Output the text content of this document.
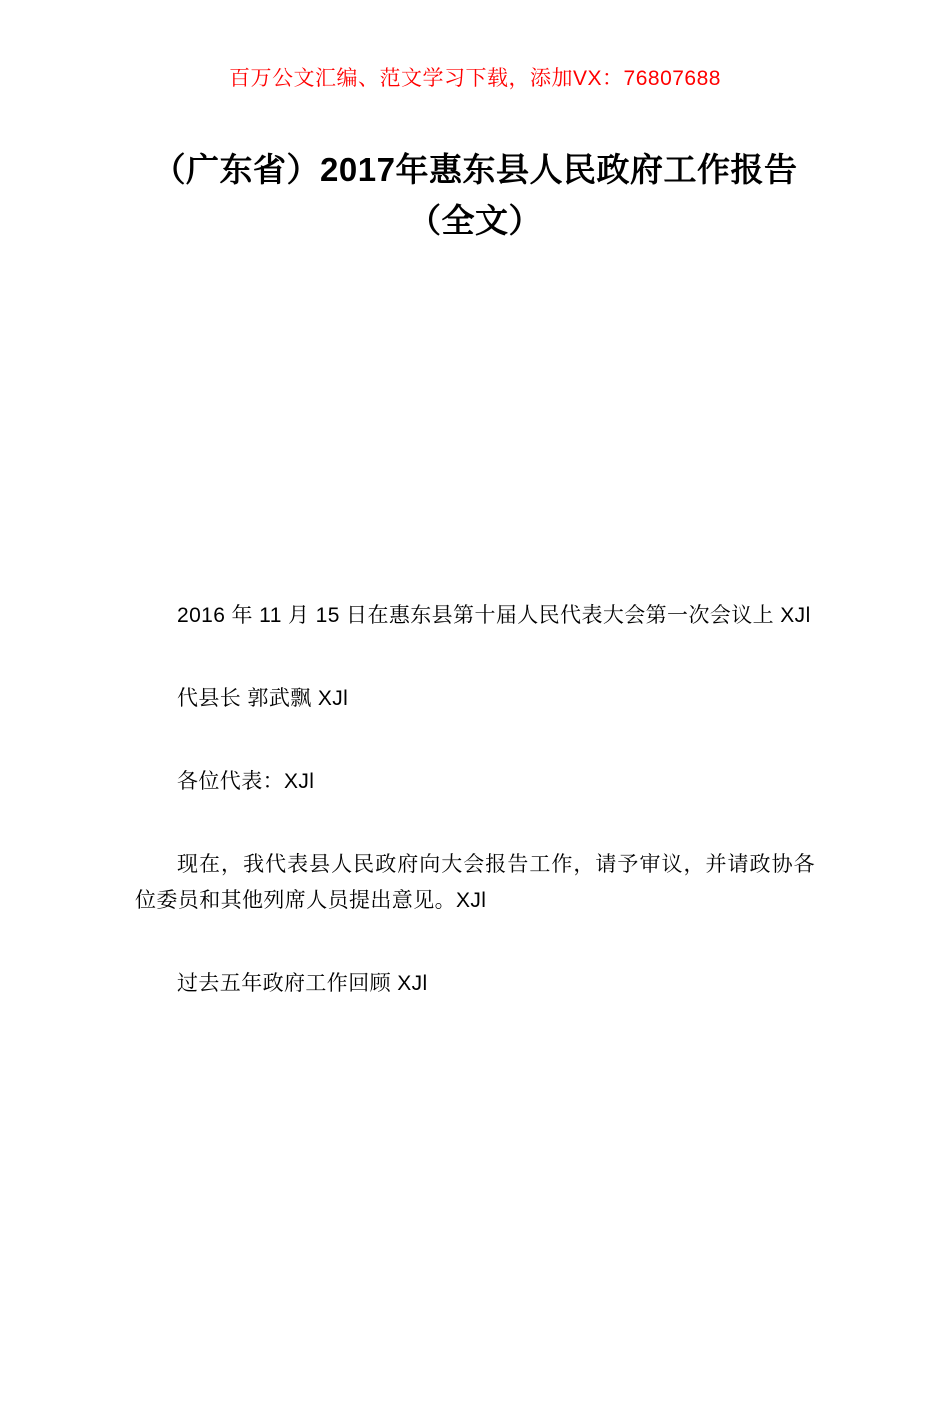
百万公文汇编、范文学习下载，添加VX：76807688
（广东省）2017年惠东县人民政府工作报告（全文）

2016 年 11 月 15 日在惠东县第十届人民代表大会第一次会议上 XJl

代县长 郭武飘 XJl

各位代表：XJl

现在，我代表县人民政府向大会报告工作，请予审议，并请政协各位委员和其他列席人员提出意见。XJl

过去五年政府工作回顾 XJl
